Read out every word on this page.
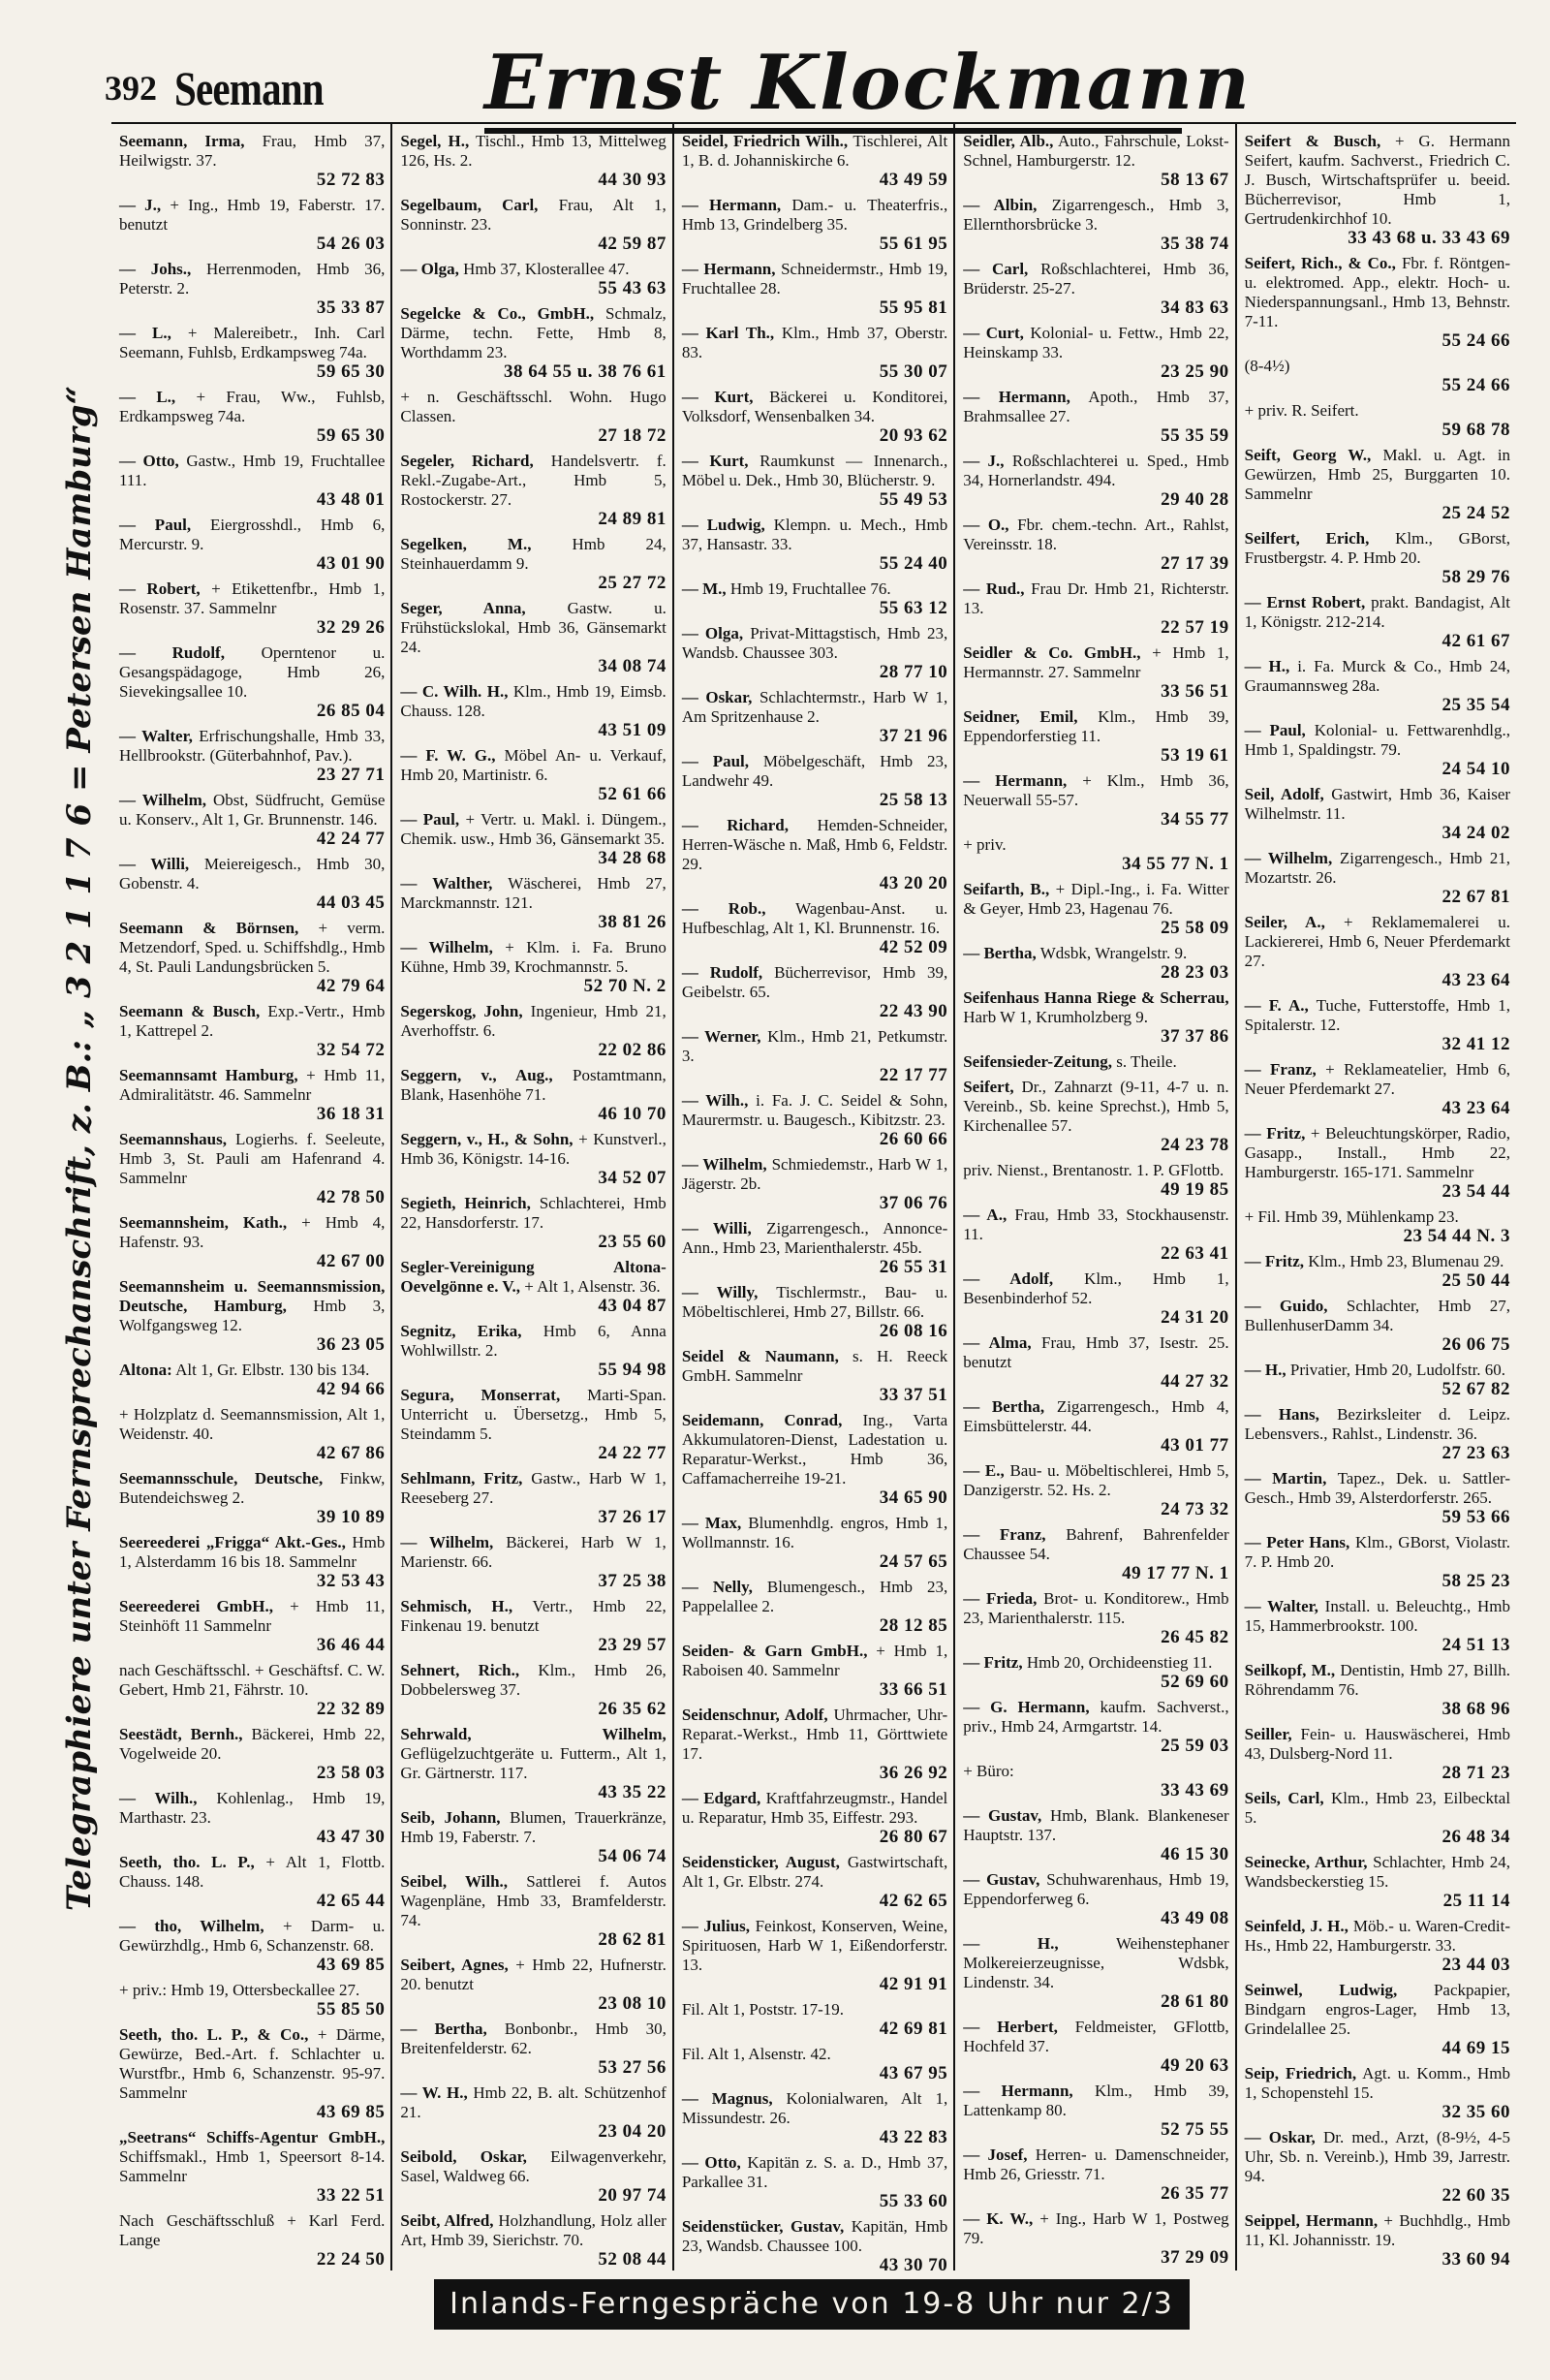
392 Seemann Ernst Klockmann
Telegraphiere unter Fernsprechanschrift, z. B.: „ 3 2 1 1 7 6 = Petersen Hamburg“
Seemann, Irma, Frau, Hmb 37, Heilwigstr. 37.
52 72 83
— J., + Ing., Hmb 19, Faberstr. 17. benutzt
54 26 03
— Johs., Herrenmoden, Hmb 36, Peterstr. 2.
35 33 87
— L., + Malereibetr., Inh. Carl Seemann, Fuhlsb, Erdkampsweg 74a.
59 65 30
— L., + Frau, Ww., Fuhlsb, Erdkampsweg 74a.
59 65 30
— Otto, Gastw., Hmb 19, Fruchtallee 111.
43 48 01
— Paul, Eiergrosshdl., Hmb 6, Mercurstr. 9.
43 01 90
— Robert, + Etikettenfbr., Hmb 1, Rosenstr. 37. Sammelnr
32 29 26
— Rudolf, Operntenor u. Gesangspädagoge, Hmb 26, Sievekingsallee 10.
26 85 04
— Walter, Erfrischungshalle, Hmb 33, Hellbrookstr. (Güterbahnhof, Pav.).
23 27 71
— Wilhelm, Obst, Südfrucht, Gemüse u. Konserv., Alt 1, Gr. Brunnenstr. 146.
42 24 77
— Willi, Meiereigesch., Hmb 30, Gobenstr. 4.
44 03 45
Seemann & Börnsen, + verm. Metzendorf, Sped. u. Schiffshdlg., Hmb 4, St. Pauli Landungsbrücken 5.
42 79 64
Seemann & Busch, Exp.-Vertr., Hmb 1, Kattrepel 2.
32 54 72
Seemannsamt Hamburg, + Hmb 11, Admiralitätstr. 46. Sammelnr
36 18 31
Seemannshaus, Logierhs. f. Seeleute, Hmb 3, St. Pauli am Hafenrand 4. Sammelnr
42 78 50
Seemannsheim, Kath., + Hmb 4, Hafenstr. 93.
42 67 00
Seemannsheim u. Seemannsmission, Deutsche, Hamburg, Hmb 3, Wolfgangsweg 12.
36 23 05
Altona: Alt 1, Gr. Elbstr. 130 bis 134.
42 94 66
+ Holzplatz d. Seemannsmission, Alt 1, Weidenstr. 40.
42 67 86
Seemannsschule, Deutsche, Finkw, Butendeichsweg 2.
39 10 89
Seereederei „Frigga“ Akt.-Ges., Hmb 1, Alsterdamm 16 bis 18. Sammelnr
32 53 43
Seereederei GmbH., + Hmb 11, Steinhöft 11 Sammelnr
36 46 44
nach Geschäftsschl. + Geschäftsf. C. W. Gebert, Hmb 21, Fährstr. 10.
22 32 89
Seestädt, Bernh., Bäckerei, Hmb 22, Vogelweide 20.
23 58 03
— Wilh., Kohlenlag., Hmb 19, Marthastr. 23.
43 47 30
Seeth, tho. L. P., + Alt 1, Flottb. Chauss. 148.
42 65 44
— tho, Wilhelm, + Darm- u. Gewürzhdlg., Hmb 6, Schanzenstr. 68.
43 69 85
+ priv.: Hmb 19, Ottersbeckallee 27.
55 85 50
Seeth, tho. L. P., & Co., + Därme, Gewürze, Bed.-Art. f. Schlachter u. Wurstfbr., Hmb 6, Schanzenstr. 95-97. Sammelnr
43 69 85
„Seetrans“ Schiffs-Agentur GmbH., Schiffsmakl., Hmb 1, Speersort 8-14. Sammelnr
33 22 51
Nach Geschäftsschluß + Karl Ferd. Lange
22 24 50
Segel, H., Tischl., Hmb 13, Mittelweg 126, Hs. 2.
44 30 93
Segelbaum, Carl, Frau, Alt 1, Sonninstr. 23.
42 59 87
— Olga, Hmb 37, Klosterallee 47.
55 43 63
Segelcke & Co., GmbH., Schmalz, Därme, techn. Fette, Hmb 8, Worthdamm 23.
38 64 55 u. 38 76 61
+ n. Geschäftsschl. Wohn. Hugo Classen.
27 18 72
Segeler, Richard, Handelsvertr. f. Rekl.-Zugabe-Art., Hmb 5, Rostockerstr. 27.
24 89 81
Segelken, M., Hmb 24, Steinhauerdamm 9.
25 27 72
Seger, Anna,	Gastw. u. Frühstückslokal, Hmb 36, Gänsemarkt 24.
34 08 74
— C. Wilh. H., Klm., Hmb 19, Eimsb. Chauss. 128.
43 51 09
— F. W. G., Möbel An- u. Verkauf, Hmb 20, Martinistr. 6.
52 61 66
— Paul, + Vertr. u. Makl. i. Düngem., Chemik. usw., Hmb 36, Gänsemarkt 35.
34 28 68
— Walther, Wäscherei, Hmb 27, Marckmannstr. 121.
38 81 26
— Wilhelm, + Klm. i. Fa. Bruno Kühne, Hmb 39, Krochmannstr. 5.
52 70 N. 2
Segerskog, John, Ingenieur, Hmb 21, Averhoffstr. 6.
22 02 86
Seggern, v., Aug., Postamtmann, Blank, Hasenhöhe 71.
46 10 70
Seggern, v., H., & Sohn, + Kunstverl., Hmb 36, Königstr. 14-16.
34 52 07
Segieth, Heinrich, Schlachterei, Hmb 22, Hansdorferstr. 17.
23 55 60
Segler-Vereinigung Altona-Oevelgönne e. V., + Alt 1, Alsenstr. 36.
43 04 87
Segnitz, Erika, Hmb 6, Anna Wohlwillstr. 2.
55 94 98
Segura, Monserrat, Marti-Span. Unterricht u. Übersetzg., Hmb 5, Steindamm 5.
24 22 77
Sehlmann, Fritz, Gastw., Harb W 1, Reeseberg 27.
37 26 17
— Wilhelm, Bäckerei, Harb W 1, Marienstr. 66.
37 25 38
Sehmisch, H., Vertr., Hmb 22, Finkenau 19. benutzt
23 29 57
Sehnert, Rich., Klm., Hmb 26, Dobbelersweg 37.
26 35 62
Sehrwald, Wilhelm, Geflügelzuchtgeräte u. Futterm., Alt 1, Gr. Gärtnerstr. 117.
43 35 22
Seib, Johann, Blumen, Trauerkränze, Hmb 19, Faberstr. 7.
54 06 74
Seibel, Wilh., Sattlerei f. Autos Wagenpläne, Hmb 33, Bramfelderstr. 74.
28 62 81
Seibert, Agnes, + Hmb 22, Hufnerstr. 20. benutzt
23 08 10
— Bertha, Bonbonbr., Hmb 30, Breitenfelderstr. 62.
53 27 56
— W. H., Hmb 22, B. alt. Schützenhof 21.
23 04 20
Seibold, Oskar, Eilwagenverkehr, Sasel, Waldweg 66.
20 97 74
Seibt, Alfred, Holzhandlung, Holz aller Art, Hmb 39, Sierichstr. 70.
52 08 44
Seidel, Friedrich Wilh., Tischlerei, Alt 1, B. d. Johanniskirche 6.
43 49 59
— Hermann, Dam.- u. Theaterfris., Hmb 13, Grindelberg 35.
55 61 95
— Hermann, Schneidermstr., Hmb 19, Fruchtallee 28.
55 95 81
— Karl Th., Klm., Hmb 37, Oberstr. 83.
55 30 07
— Kurt, Bäckerei u. Konditorei, Volksdorf, Wensenbalken 34.
20 93 62
— Kurt, Raumkunst — Innenarch., Möbel u. Dek., Hmb 30, Blücherstr. 9.
55 49 53
— Ludwig, Klempn. u. Mech., Hmb 37, Hansastr. 33.
55 24 40
— M., Hmb 19, Fruchtallee 76.
55 63 12
— Olga, Privat-Mittagstisch, Hmb 23, Wandsb. Chaussee 303.
28 77 10
— Oskar, Schlachtermstr., Harb W 1, Am Spritzenhause 2.
37 21 96
— Paul, Möbelgeschäft, Hmb 23, Landwehr 49.
25 58 13
— Richard, Hemden-Schneider, Herren-Wäsche n. Maß, Hmb 6, Feldstr. 29.
43 20 20
— Rob., Wagenbau-Anst. u. Hufbeschlag, Alt 1, Kl. Brunnenstr. 16.
42 52 09
— Rudolf, Bücherrevisor, Hmb 39, Geibelstr. 65.
22 43 90
— Werner, Klm., Hmb 21, Petkumstr. 3.
22 17 77
— Wilh., i. Fa. J. C. Seidel & Sohn, Maurermstr. u. Baugesch., Kibitzstr. 23.
26 60 66
— Wilhelm, Schmiedemstr., Harb W 1, Jägerstr. 2b.
37 06 76
— Willi, Zigarrengesch., Annonce-Ann., Hmb 23, Marienthalerstr. 45b.
26 55 31
— Willy, Tischlermstr., Bau- u. Möbeltischlerei, Hmb 27, Billstr. 66.
26 08 16
Seidel & Naumann, s. H. Reeck GmbH. Sammelnr
33 37 51
Seidemann, Conrad, Ing., Varta Akkumulatoren-Dienst, Ladestation u. Reparatur-Werkst., Hmb 36, Caffamacherreihe 19-21.
34 65 90
— Max, Blumenhdlg. engros, Hmb 1, Wollmannstr. 16.
24 57 65
— Nelly, Blumengesch., Hmb 23, Pappelallee 2.
28 12 85
Seiden- & Garn GmbH., + Hmb 1, Raboisen 40. Sammelnr
33 66 51
Seidenschnur, Adolf, Uhrmacher, Uhr-Reparat.-Werkst., Hmb 11, Görttwiete 17.
36 26 92
— Edgard, Kraftfahrzeugmstr., Handel u. Reparatur, Hmb 35, Eiffestr. 293.
26 80 67
Seidensticker, August, Gastwirtschaft, Alt 1, Gr. Elbstr. 274.
42 62 65
— Julius, Feinkost, Konserven, Weine, Spirituosen, Harb W 1, Eißendorferstr. 13.
42 91 91
Fil. Alt 1, Poststr. 17-19.
42 69 81
Fil. Alt 1, Alsenstr. 42.
43 67 95
— Magnus, Kolonialwaren, Alt 1, Missundestr. 26.
43 22 83
— Otto, Kapitän z. S. a. D., Hmb 37, Parkallee 31.
55 33 60
Seidenstücker, Gustav, Kapitän, Hmb 23, Wandsb. Chaussee 100.
43 30 70
Seidler, Alb., Auto., Fahrschule, Lokst-Schnel, Hamburgerstr. 12.
58 13 67
— Albin, Zigarrengesch., Hmb 3, Ellernthorsbrücke 3.
35 38 74
— Carl, Roßschlachterei, Hmb 36, Brüderstr. 25-27.
34 83 63
— Curt, Kolonial- u. Fettw., Hmb 22, Heinskamp 33.
23 25 90
— Hermann, Apoth., Hmb 37, Brahmsallee 27.
55 35 59
— J., Roßschlachterei u. Sped., Hmb 34, Hornerlandstr. 494.
29 40 28
— O., Fbr. chem.-techn. Art., Rahlst, Vereinsstr. 18.
27 17 39
— Rud., Frau Dr. Hmb 21, Richterstr. 13.
22 57 19
Seidler & Co. GmbH., + Hmb 1, Hermannstr. 27. Sammelnr
33 56 51
Seidner, Emil, Klm., Hmb 39, Eppendorferstieg 11.
53 19 61
— Hermann, + Klm., Hmb 36, Neuerwall 55-57.
34 55 77
+ priv.
34 55 77 N. 1
Seifarth, B., + Dipl.-Ing., i. Fa. Witter & Geyer, Hmb 23, Hagenau 76.
25 58 09
— Bertha, Wdsbk, Wrangelstr. 9.
28 23 03
Seifenhaus Hanna Riege & Scherrau, Harb W 1, Krumholzberg 9.
37 37 86
Seifensieder-Zeitung, s. Theile.
Seifert, Dr., Zahnarzt (9-11, 4-7 u. n. Vereinb., Sb. keine Sprechst.), Hmb 5, Kirchenallee 57.
24 23 78
priv. Nienst., Brentanostr. 1. P. GFlottb.
49 19 85
— A., Frau, Hmb 33, Stockhausenstr. 11.
22 63 41
— Adolf, Klm., Hmb 1, Besenbinderhof 52.
24 31 20
— Alma, Frau, Hmb 37, Isestr. 25. benutzt
44 27 32
— Bertha, Zigarrengesch., Hmb 4, Eimsbüttelerstr. 44.
43 01 77
— E., Bau- u. Möbeltischlerei, Hmb 5, Danzigerstr. 52. Hs. 2.
24 73 32
— Franz, Bahrenf, Bahrenfelder Chaussee 54.
49 17 77 N. 1
— Frieda, Brot- u. Konditorew., Hmb 23, Marienthalerstr. 115.
26 45 82
— Fritz, Hmb 20, Orchideenstieg 11.
52 69 60
— G. Hermann, kaufm. Sachverst., priv., Hmb 24, Armgartstr. 14.
25 59 03
+ Büro:
33 43 69
— Gustav, Hmb, Blank. Blankeneser Hauptstr. 137.
46 15 30
— Gustav, Schuhwarenhaus, Hmb 19, Eppendorferweg 6.
43 49 08
— H.,	Weihenstephaner Molkereierzeugnisse, Wdsbk, Lindenstr. 34.
28 61 80
— Herbert, Feldmeister, GFlottb, Hochfeld 37.
49 20 63
— Hermann, Klm., Hmb 39, Lattenkamp 80.
52 75 55
— Josef, Herren- u. Damenschneider, Hmb 26, Griesstr. 71.
26 35 77
— K. W., + Ing., Harb W 1, Postweg 79.
37 29 09
Seifert & Busch, + G. Hermann Seifert, kaufm. Sachverst., Friedrich C. J. Busch, Wirtschaftsprüfer u. beeid. Bücherrevisor, Hmb 1, Gertrudenkirchhof 10.
33 43 68 u. 33 43 69
Seifert, Rich., & Co., Fbr. f. Röntgen- u. elektromed. App., elektr. Hoch- u. Niederspannungsanl., Hmb 13, Behnstr. 7-11.
55 24 66
(8-4½)
55 24 66
+ priv. R. Seifert.
59 68 78
Seift, Georg W., Makl. u. Agt. in Gewürzen, Hmb 25, Burggarten 10. Sammelnr
25 24 52
Seilfert, Erich, Klm., GBorst, Frustbergstr. 4. P. Hmb 20.
58 29 76
— Ernst Robert, prakt. Bandagist, Alt 1, Königstr. 212-214.
42 61 67
— H., i. Fa. Murck & Co., Hmb 24, Graumannsweg 28a.
25 35 54
— Paul, Kolonial- u. Fettwarenhdlg., Hmb 1, Spaldingstr. 79.
24 54 10
Seil, Adolf, Gastwirt, Hmb 36, Kaiser Wilhelmstr. 11.
34 24 02
— Wilhelm, Zigarrengesch., Hmb 21, Mozartstr. 26.
22 67 81
Seiler, A., + Reklamemalerei u. Lackiererei, Hmb 6, Neuer Pferdemarkt 27.
43 23 64
— F. A., Tuche, Futterstoffe, Hmb 1, Spitalerstr. 12.
32 41 12
— Franz, + Reklameatelier, Hmb 6, Neuer Pferdemarkt 27.
43 23 64
— Fritz, + Beleuchtungskörper, Radio, Gasapp., Install., Hmb 22, Hamburgerstr. 165-171. Sammelnr
23 54 44
+ Fil. Hmb 39, Mühlenkamp 23.
23 54 44 N. 3
— Fritz, Klm., Hmb 23, Blumenau 29.
25 50 44
— Guido, Schlachter, Hmb 27, BullenhuserDamm 34.
26 06 75
— H., Privatier, Hmb 20, Ludolfstr. 60.
52 67 82
— Hans, Bezirksleiter d. Leipz. Lebensvers., Rahlst., Lindenstr. 36.
27 23 63
— Martin, Tapez., Dek. u. Sattler-Gesch., Hmb 39, Alsterdorferstr. 265.
59 53 66
— Peter Hans, Klm., GBorst, Violastr. 7. P. Hmb 20.
58 25 23
— Walter, Install. u. Beleuchtg., Hmb 15, Hammerbrookstr. 100.
24 51 13
Seilkopf, M., Dentistin, Hmb 27, Billh. Röhrendamm 76.
38 68 96
Seiller, Fein- u. Hauswäscherei, Hmb 43, Dulsberg-Nord 11.
28 71 23
Seils, Carl, Klm., Hmb 23, Eilbecktal 5.
26 48 34
Seinecke, Arthur, Schlachter, Hmb 24, Wandsbeckerstieg 15.
25 11 14
Seinfeld, J. H., Möb.- u. Waren-Credit-Hs., Hmb 22, Hamburgerstr. 33.
23 44 03
Seinwel, Ludwig, Packpapier, Bindgarn engros-Lager, Hmb 13, Grindelallee 25.
44 69 15
Seip, Friedrich, Agt. u. Komm., Hmb 1, Schopenstehl 15.
32 35 60
— Oskar, Dr. med., Arzt, (8-9½, 4-5 Uhr, Sb. n. Vereinb.), Hmb 39, Jarrestr. 94.
22 60 35
Seippel, Hermann, + Buchhdlg., Hmb 11, Kl. Johannisstr. 19.
33 60 94
Inlands-Ferngespräche von 19-8 Uhr nur 2/3 Gebühr
